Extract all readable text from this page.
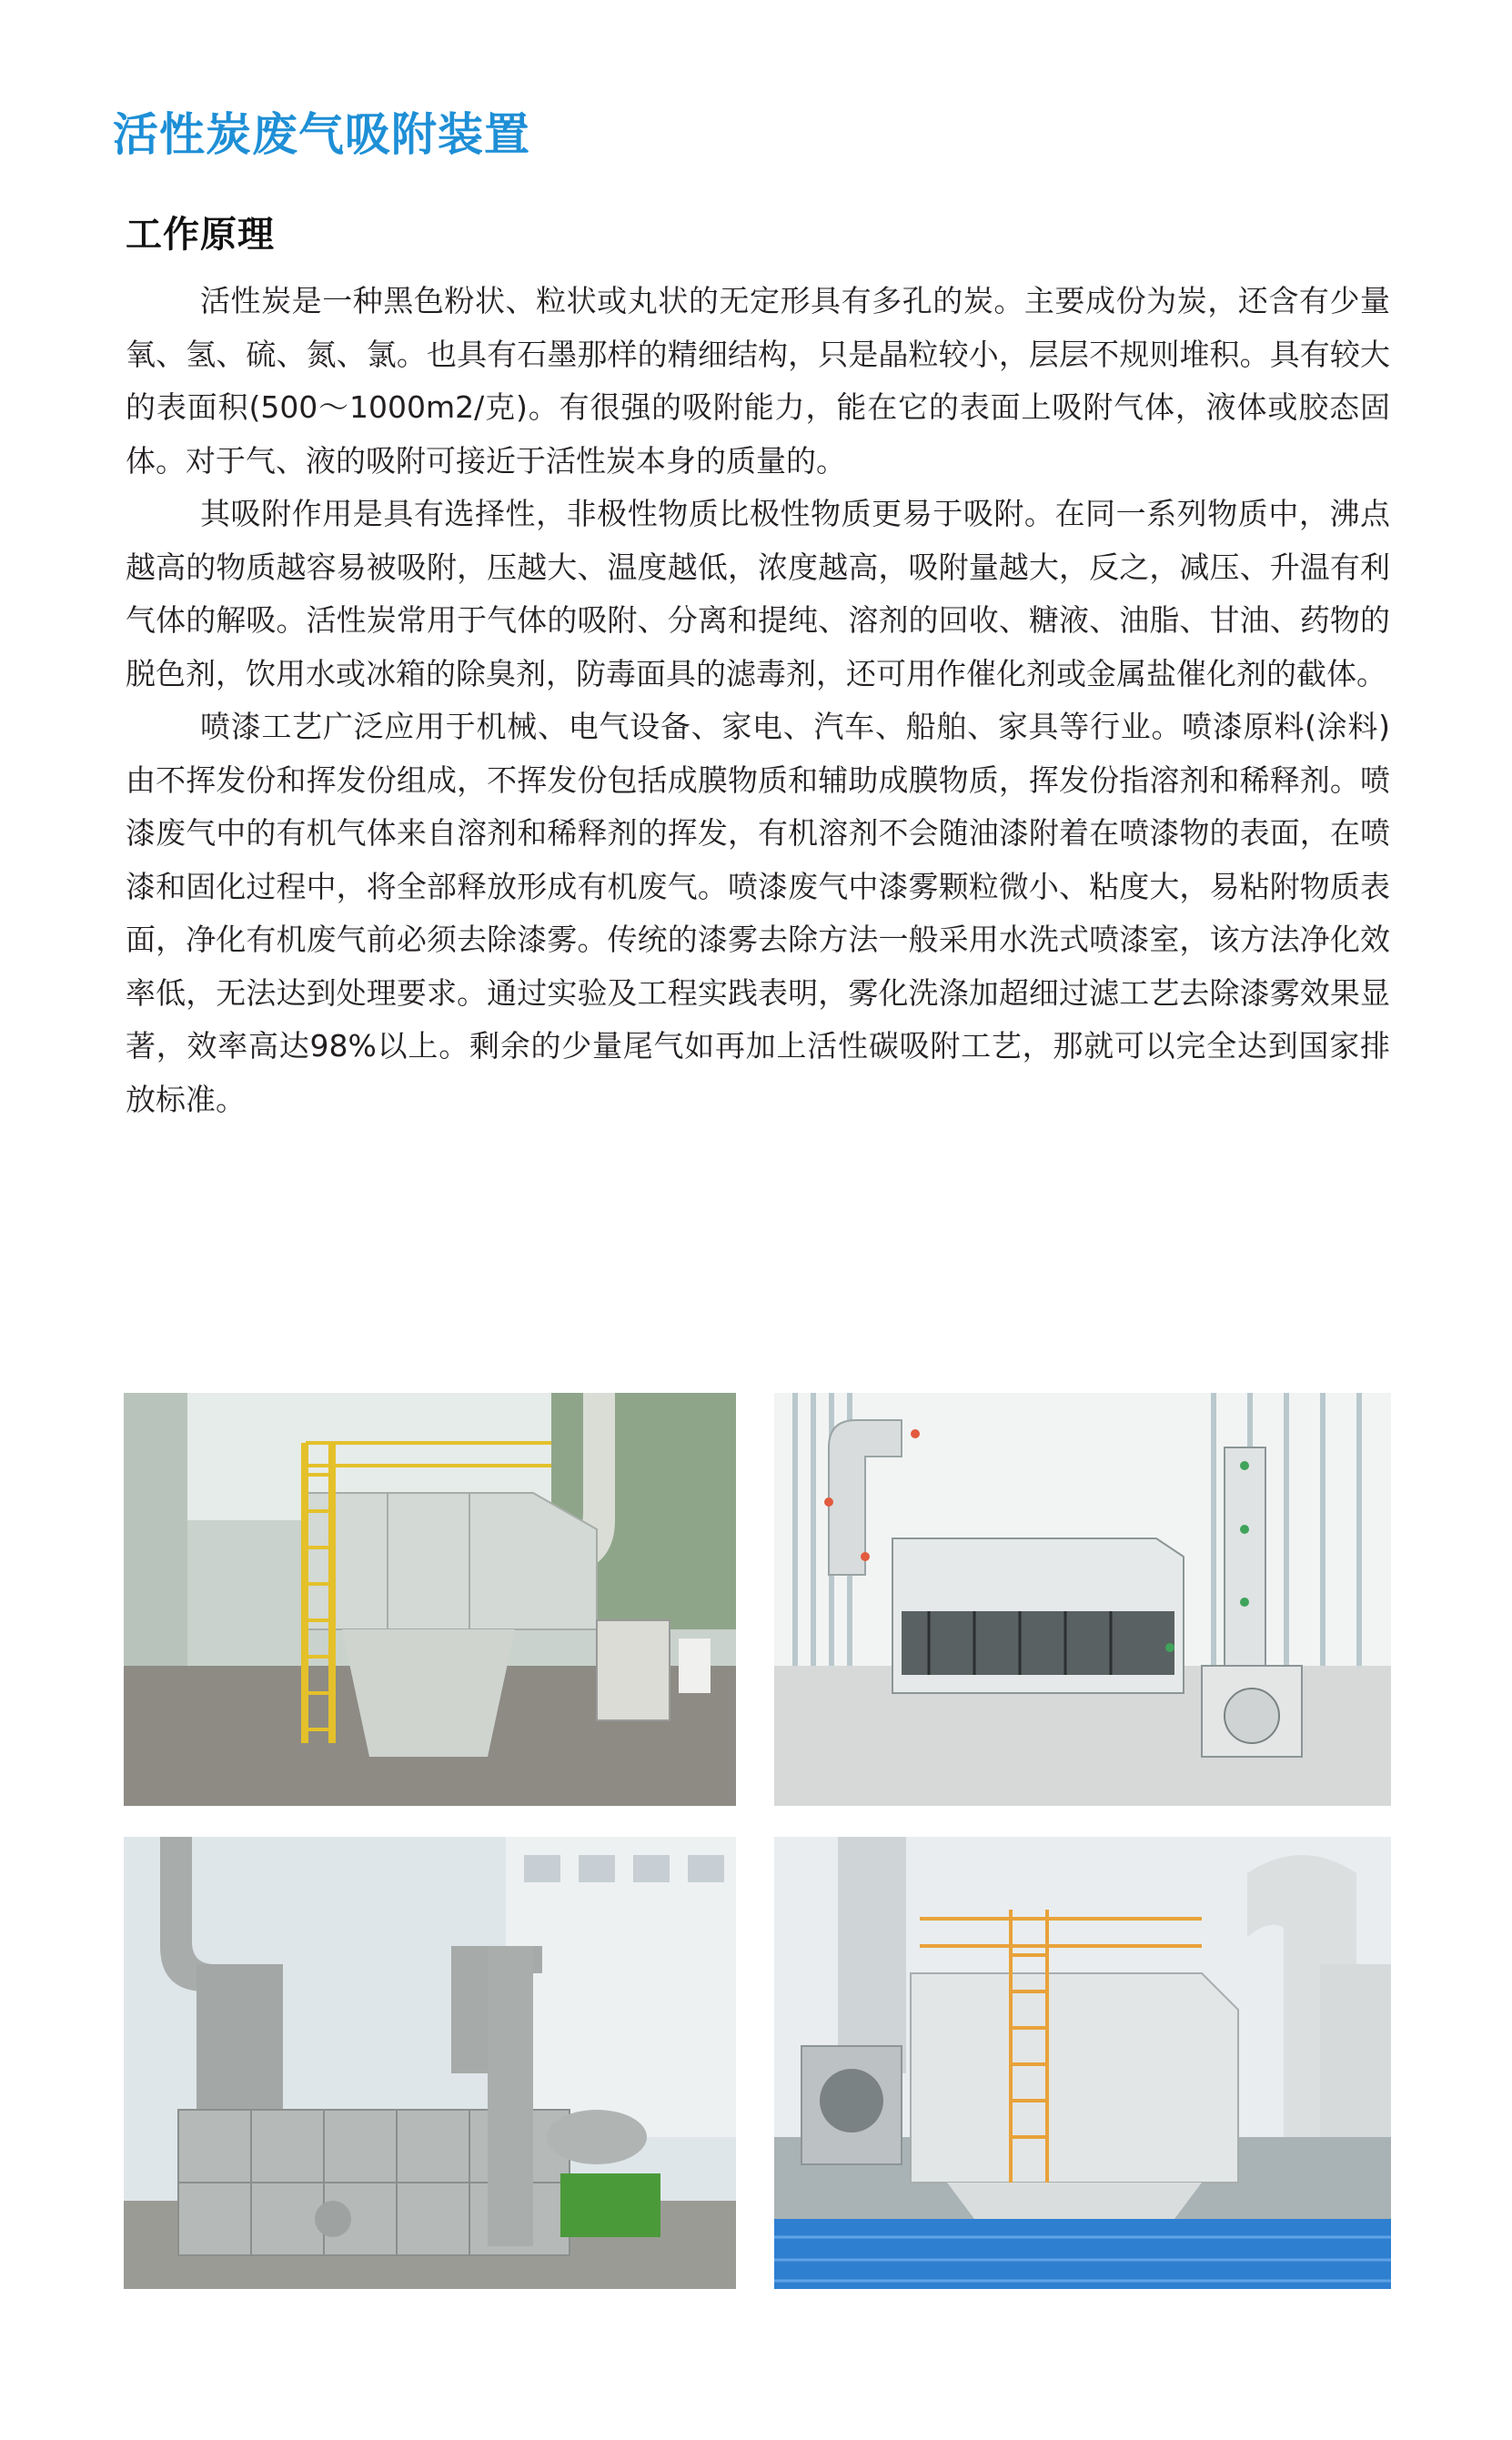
活性炭废气吸附装置
工作原理

活性炭是一种黑色粉状、粒状或丸状的无定形具有多孔的炭。主要成份为炭，还含有少量氧、氢、硫、氮、氯。也具有石墨那样的精细结构，只是晶粒较小，层层不规则堆积。具有较大的表面积(500～1000m2/克)。有很强的吸附能力，能在它的表面上吸附气体，液体或胶态固体。对于气、液的吸附可接近于活性炭本身的质量的。

其吸附作用是具有选择性，非极性物质比极性物质更易于吸附。在同一系列物质中，沸点越高的物质越容易被吸附，压越大、温度越低，浓度越高，吸附量越大，反之，减压、升温有利气体的解吸。活性炭常用于气体的吸附、分离和提纯、溶剂的回收、糖液、油脂、甘油、药物的脱色剂，饮用水或冰箱的除臭剂，防毒面具的滤毒剂，还可用作催化剂或金属盐催化剂的截体。

喷漆工艺广泛应用于机械、电气设备、家电、汽车、船舶、家具等行业。喷漆原料(涂料)由不挥发份和挥发份组成，不挥发份包括成膜物质和辅助成膜物质，挥发份指溶剂和稀释剂。喷漆废气中的有机气体来自溶剂和稀释剂的挥发，有机溶剂不会随油漆附着在喷漆物的表面，在喷漆和固化过程中，将全部释放形成有机废气。喷漆废气中漆雾颗粒微小、粘度大，易粘附物质表面，净化有机废气前必须去除漆雾。传统的漆雾去除方法一般采用水洗式喷漆室，该方法净化效率低，无法达到处理要求。通过实验及工程实践表明，雾化洗涤加超细过滤工艺去除漆雾效果显著，效率高达98%以上。剩余的少量尾气如再加上活性碳吸附工艺，那就可以完全达到国家排放标准。
